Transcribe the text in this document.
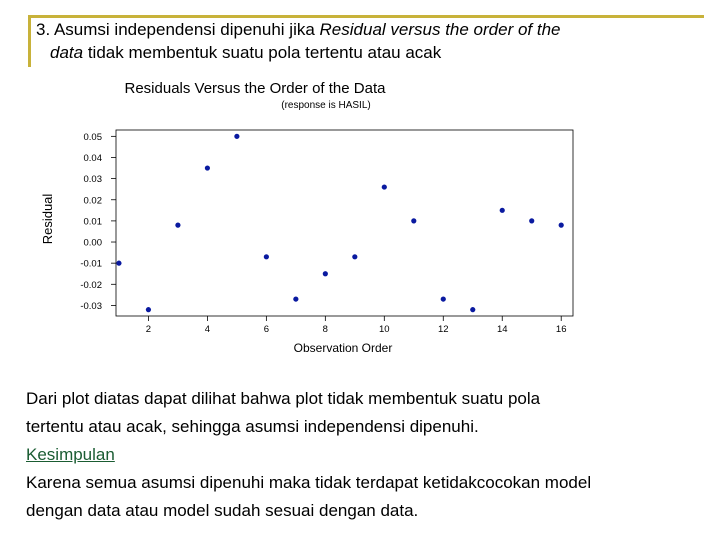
3. Asumsi independensi dipenuhi jika Residual versus the order of the
data tidak membentuk suatu pola tertentu atau acak
Residuals Versus the Order of the Data
(response is HASIL)
Residual
Observation Order
-0.03
-0.02
-0.01
0.00
0.01
0.02
0.03
0.04
0.05
2	4	6	8	10	12	14	16

Dari plot diatas dapat dilihat bahwa plot tidak membentuk suatu pola

tertentu atau acak, sehingga asumsi independensi dipenuhi.

Kesimpulan

Karena semua asumsi dipenuhi maka tidak terdapat ketidakcocokan model

dengan data atau model sudah sesuai dengan data.
